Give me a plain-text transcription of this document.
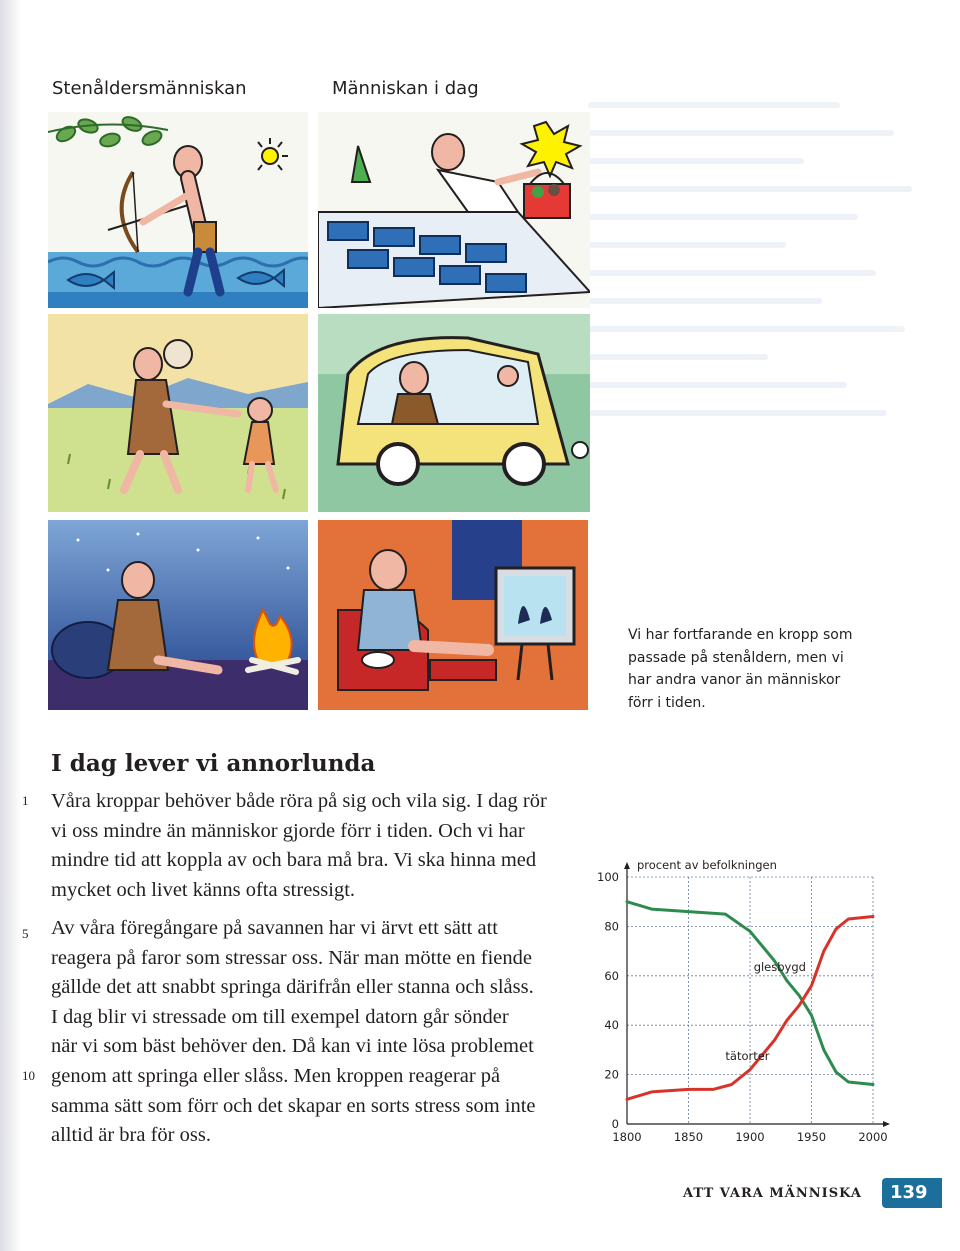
Stenåldersmänniskan	Människan i dag
Vi har fortfarande en kropp som
passade på stenåldern, men vi
har andra vanor än människor
förr i tiden.
I dag lever vi annorlunda
1
5
10
Våra kroppar behöver både röra på sig och vila sig. I dag rör
vi oss mindre än människor gjorde förr i tiden. Och vi har
mindre tid att koppla av och bara må bra. Vi ska hinna med
mycket och livet känns ofta stressigt.
Av våra föregångare på savannen har vi ärvt ett sätt att
reagera på faror som stressar oss. När man mötte en fiende
gällde det att snabbt springa därifrån eller stanna och slåss.
I dag blir vi stressade om till exempel datorn går sönder
när vi som bäst behöver den. Då kan vi inte lösa problemet
genom att springa eller slåss. Men kroppen reagerar på
samma sätt som förr och det skapar en sorts stress som inte
alltid är bra för oss.
0
20
40
60
80
100
1800	1850	1900	1950	2000
procent av befolkningen
glesbygd
tätorter
ATT VARA MÄNNISKA	139
